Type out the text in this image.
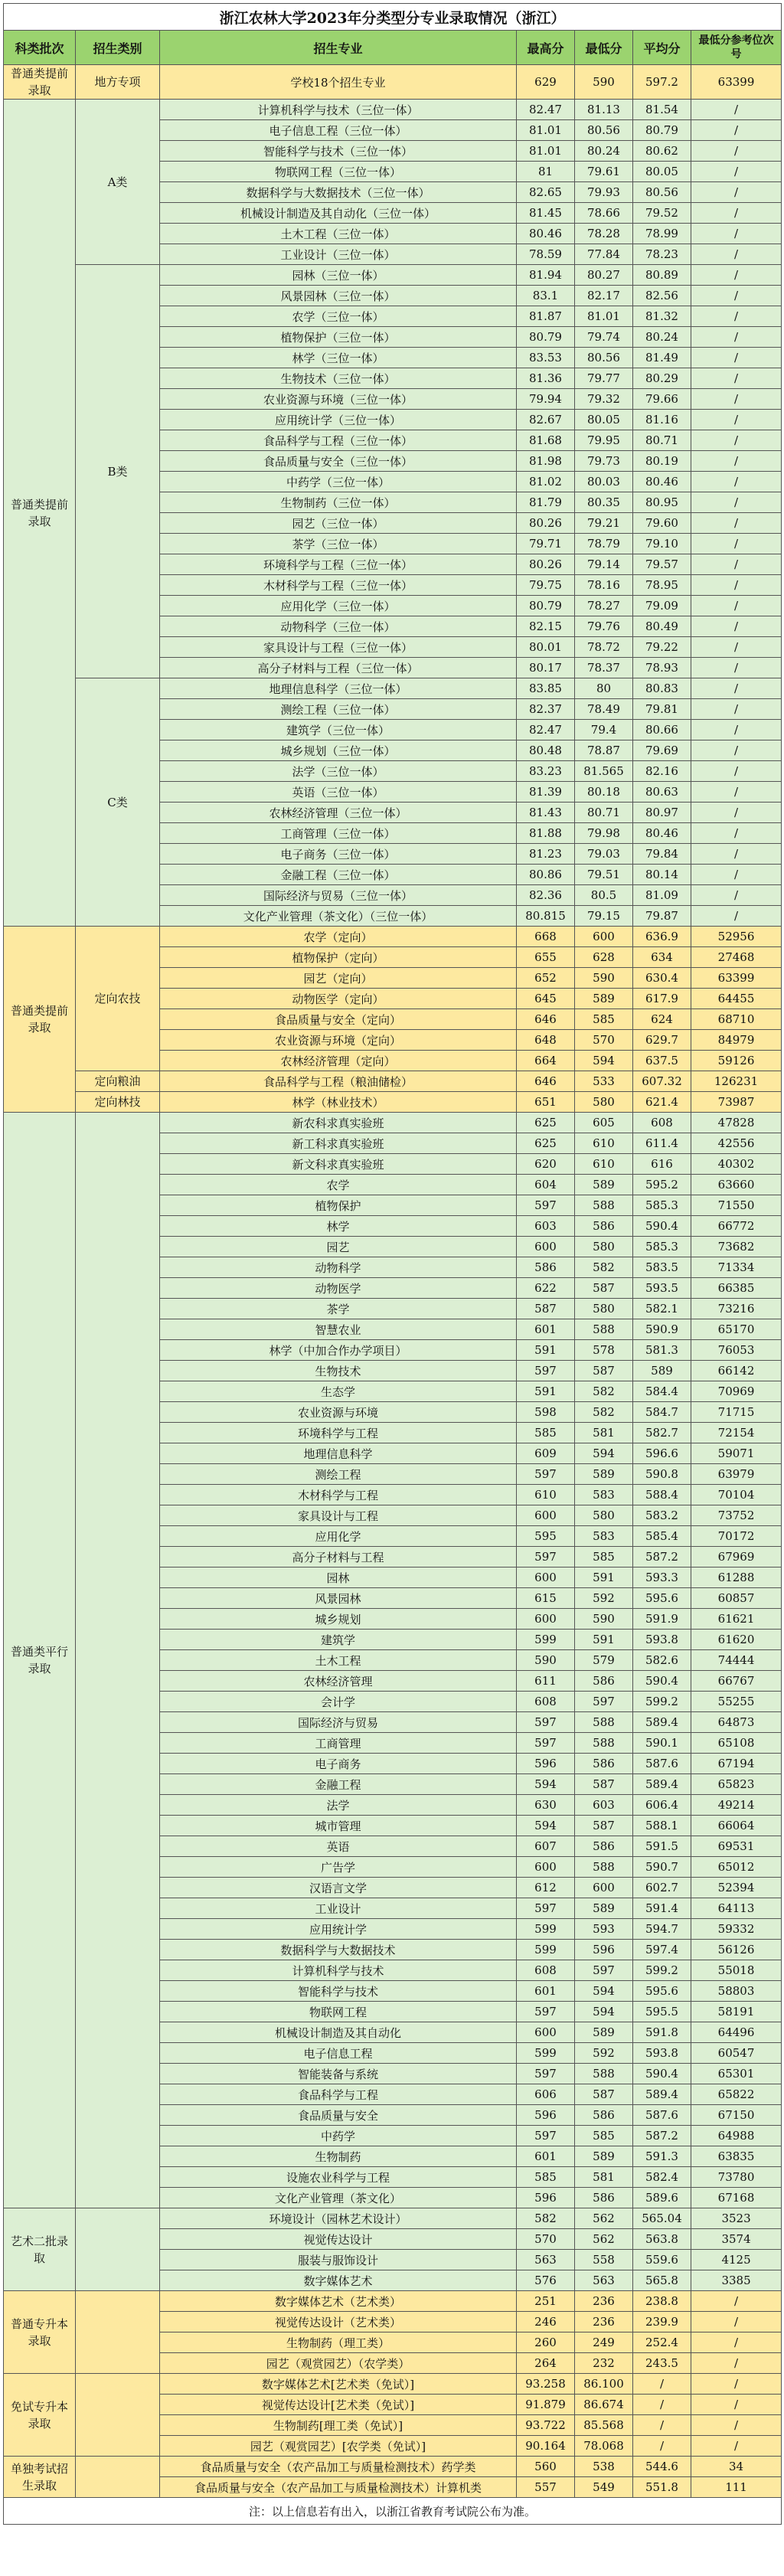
浙江农林大学2023年分类型分专业录取情况（浙江）						
科类批次	招生类别	招生专业	最高分	最低分	平均分	最低分参考位次号
普通类提前录取	地方专项	学校18个招生专业	629	590	597.2	63399
普通类提前录取	A类	计算机科学与技术（三位一体）	82.47	81.13	81.54	/
		电子信息工程（三位一体）	81.01	80.56	80.79	/
		智能科学与技术（三位一体）	81.01	80.24	80.62	/
		物联网工程（三位一体）	81	79.61	80.05	/
		数据科学与大数据技术（三位一体）	82.65	79.93	80.56	/
		机械设计制造及其自动化（三位一体）	81.45	78.66	79.52	/
		土木工程（三位一体）	80.46	78.28	78.99	/
		工业设计（三位一体）	78.59	77.84	78.23	/
	B类	园林（三位一体）	81.94	80.27	80.89	/
		风景园林（三位一体）	83.1	82.17	82.56	/
		农学（三位一体）	81.87	81.01	81.32	/
		植物保护（三位一体）	80.79	79.74	80.24	/
		林学（三位一体）	83.53	80.56	81.49	/
		生物技术（三位一体）	81.36	79.77	80.29	/
		农业资源与环境（三位一体）	79.94	79.32	79.66	/
		应用统计学（三位一体）	82.67	80.05	81.16	/
		食品科学与工程（三位一体）	81.68	79.95	80.71	/
		食品质量与安全（三位一体）	81.98	79.73	80.19	/
		中药学（三位一体）	81.02	80.03	80.46	/
		生物制药（三位一体）	81.79	80.35	80.95	/
		园艺（三位一体）	80.26	79.21	79.60	/
		茶学（三位一体）	79.71	78.79	79.10	/
		环境科学与工程（三位一体）	80.26	79.14	79.57	/
		木材科学与工程（三位一体）	79.75	78.16	78.95	/
		应用化学（三位一体）	80.79	78.27	79.09	/
		动物科学（三位一体）	82.15	79.76	80.49	/
		家具设计与工程（三位一体）	80.01	78.72	79.22	/
		高分子材料与工程（三位一体）	80.17	78.37	78.93	/
	C类	地理信息科学（三位一体）	83.85	80	80.83	/
		测绘工程（三位一体）	82.37	78.49	79.81	/
		建筑学（三位一体）	82.47	79.4	80.66	/
		城乡规划（三位一体）	80.48	78.87	79.69	/
		法学（三位一体）	83.23	81.565	82.16	/
		英语（三位一体）	81.39	80.18	80.63	/
		农林经济管理（三位一体）	81.43	80.71	80.97	/
		工商管理（三位一体）	81.88	79.98	80.46	/
		电子商务（三位一体）	81.23	79.03	79.84	/
		金融工程（三位一体）	80.86	79.51	80.14	/
		国际经济与贸易（三位一体）	82.36	80.5	81.09	/
		文化产业管理（茶文化）（三位一体）	80.815	79.15	79.87	/
普通类提前录取	定向农技	农学（定向）	668	600	636.9	52956
		植物保护（定向）	655	628	634	27468
		园艺（定向）	652	590	630.4	63399
		动物医学（定向）	645	589	617.9	64455
		食品质量与安全（定向）	646	585	624	68710
		农业资源与环境（定向）	648	570	629.7	84979
		农林经济管理（定向）	664	594	637.5	59126
	定向粮油	食品科学与工程（粮油储检）	646	533	607.32	126231
	定向林技	林学（林业技术）	651	580	621.4	73987
普通类平行录取		新农科求真实验班	625	605	608	47828
		新工科求真实验班	625	610	611.4	42556
		新文科求真实验班	620	610	616	40302
		农学	604	589	595.2	63660
		植物保护	597	588	585.3	71550
		林学	603	586	590.4	66772
		园艺	600	580	585.3	73682
		动物科学	586	582	583.5	71334
		动物医学	622	587	593.5	66385
		茶学	587	580	582.1	73216
		智慧农业	601	588	590.9	65170
		林学（中加合作办学项目）	591	578	581.3	76053
		生物技术	597	587	589	66142
		生态学	591	582	584.4	70969
		农业资源与环境	598	582	584.7	71715
		环境科学与工程	585	581	582.7	72154
		地理信息科学	609	594	596.6	59071
		测绘工程	597	589	590.8	63979
		木材科学与工程	610	583	588.4	70104
		家具设计与工程	600	580	583.2	73752
		应用化学	595	583	585.4	70172
		高分子材料与工程	597	585	587.2	67969
		园林	600	591	593.3	61288
		风景园林	615	592	595.6	60857
		城乡规划	600	590	591.9	61621
		建筑学	599	591	593.8	61620
		土木工程	590	579	582.6	74444
		农林经济管理	611	586	590.4	66767
		会计学	608	597	599.2	55255
		国际经济与贸易	597	588	589.4	64873
		工商管理	597	588	590.1	65108
		电子商务	596	586	587.6	67194
		金融工程	594	587	589.4	65823
		法学	630	603	606.4	49214
		城市管理	594	587	588.1	66064
		英语	607	586	591.5	69531
		广告学	600	588	590.7	65012
		汉语言文学	612	600	602.7	52394
		工业设计	597	589	591.4	64113
		应用统计学	599	593	594.7	59332
		数据科学与大数据技术	599	596	597.4	56126
		计算机科学与技术	608	597	599.2	55018
		智能科学与技术	601	594	595.6	58803
		物联网工程	597	594	595.5	58191
		机械设计制造及其自动化	600	589	591.8	64496
		电子信息工程	599	592	593.8	60547
		智能装备与系统	597	588	590.4	65301
		食品科学与工程	606	587	589.4	65822
		食品质量与安全	596	586	587.6	67150
		中药学	597	585	587.2	64988
		生物制药	601	589	591.3	63835
		设施农业科学与工程	585	581	582.4	73780
		文化产业管理（茶文化）	596	586	589.6	67168
艺术二批录取		环境设计（园林艺术设计）	582	562	565.04	3523
		视觉传达设计	570	562	563.8	3574
		服装与服饰设计	563	558	559.6	4125
		数字媒体艺术	576	563	565.8	3385
普通专升本录取		数字媒体艺术（艺术类）	251	236	238.8	/
		视觉传达设计（艺术类）	246	236	239.9	/
		生物制药（理工类）	260	249	252.4	/
		园艺（观赏园艺）（农学类）	264	232	243.5	/
免试专升本录取		数字媒体艺术[艺术类（免试）]	93.258	86.100	/	/
		视觉传达设计[艺术类（免试）]	91.879	86.674	/	/
		生物制药[理工类（免试）]	93.722	85.568	/	/
		园艺（观赏园艺）[农学类（免试）]	90.164	78.068	/	/
单独考试招生录取		食品质量与安全（农产品加工与质量检测技术）药学类	560	538	544.6	34
		食品质量与安全（农产品加工与质量检测技术）计算机类	557	549	551.8	111
注：以上信息若有出入，以浙江省教育考试院公布为准。						
